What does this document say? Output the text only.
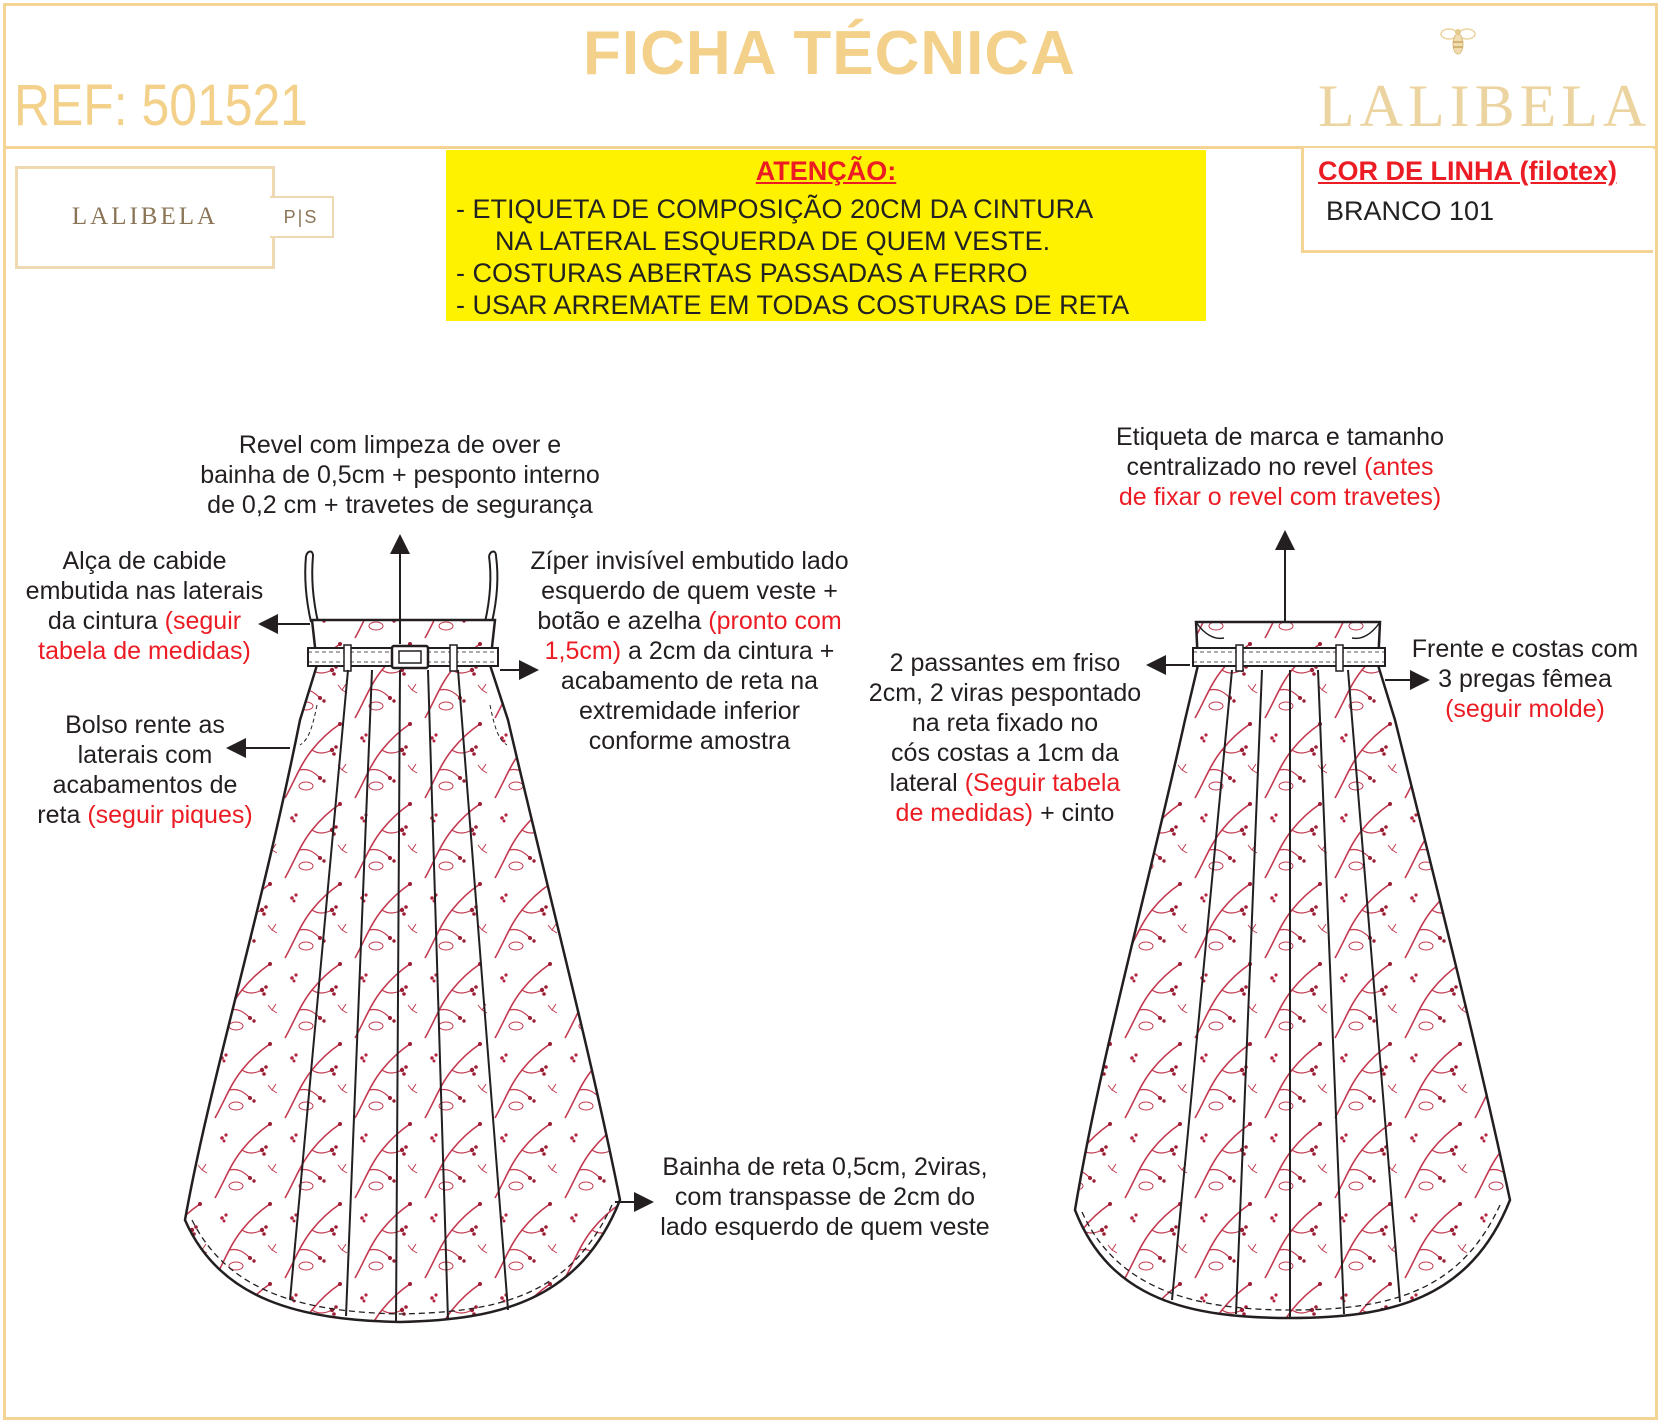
FICHA TÉCNICA
REF: 501521	LALIBELA
LALIBELA	P|S
ATENÇÃO:
- ETIQUETA DE COMPOSIÇÃO 20CM DA CINTURA
NA LATERAL ESQUERDA DE QUEM VESTE.
- COSTURAS ABERTAS PASSADAS A FERRO
- USAR ARREMATE EM TODAS COSTURAS DE RETA
COR DE LINHA (filotex)
BRANCO 101
Revel com limpeza de over e
bainha de 0,5cm + pesponto interno
de 0,2 cm + travetes de segurança
Alça de cabide
embutida nas laterais
da cintura (seguir
tabela de medidas)
Bolso rente as
laterais com
acabamentos de
reta (seguir piques)
Zíper invisível embutido lado
esquerdo de quem veste +
botão e azelha (pronto com
1,5cm) a 2cm da cintura +
acabamento de reta na
extremidade inferior
conforme amostra
Bainha de reta 0,5cm, 2viras,
com transpasse de 2cm do
lado esquerdo de quem veste
Etiqueta de marca e tamanho
centralizado no revel (antes
de fixar o revel com travetes)
2 passantes em friso
2cm, 2 viras pespontado
na reta fixado no
cós costas a 1cm da
lateral (Seguir tabela
de medidas) + cinto
Frente e costas com
3 pregas fêmea
(seguir molde)
